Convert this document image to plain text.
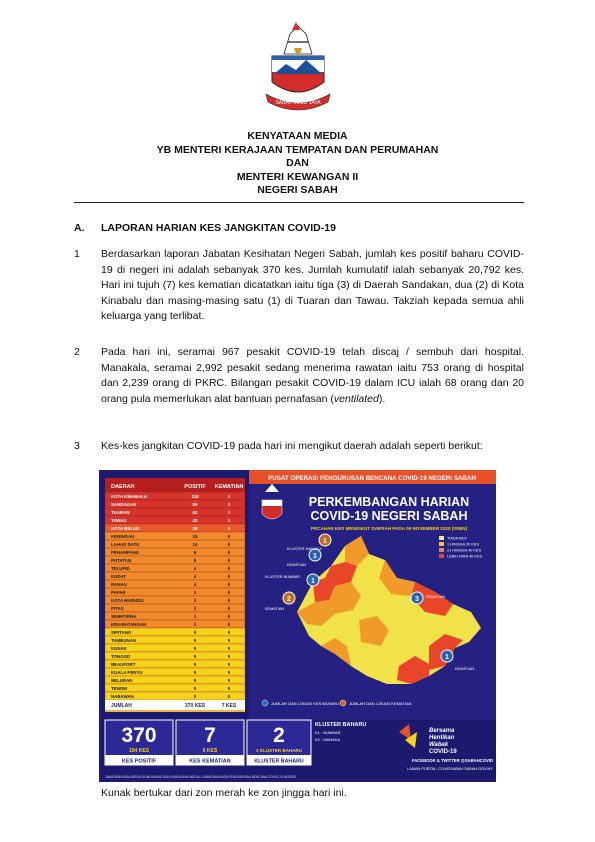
SABAH MAJU JAYA
KENYATAAN MEDIA
YB MENTERI KERAJAAN TEMPATAN DAN PERUMAHAN
DAN
MENTERI KEWANGAN II
NEGERI SABAH
A. LAPORAN HARIAN KES JANGKITAN COVID-19
1 Berdasarkan laporan Jabatan Kesihatan Negeri Sabah, jumlah kes positif baharu COVID-19 di negeri ini adalah sebanyak 370 kes. Jumlah kumulatif ialah sebanyak 20,792 kes. Hari ini tujuh (7) kes kematian dicatatkan iaitu tiga (3) di Daerah Sandakan, dua (2) di Kota Kinabalu dan masing-masing satu (1) di Tuaran dan Tawau. Takziah kepada semua ahli keluarga yang terlibat.
2 Pada hari ini, seramai 967 pesakit COVID-19 telah discaj / sembuh dari hospital. Manakala, seramai 2,992 pesakit sedang menerima rawatan iaitu 753 orang di hospital dan 2,239 orang di PKRC. Bilangan pesakit COVID-19 dalam ICU ialah 68 orang dan 20 orang pula memerlukan alat bantuan pernafasan (ventilated).
3 Kes-kes jangkitan COVID-19 pada hari ini mengikut daerah adalah seperti berikut:
PUSAT OPERASI PENGURUSAN BENCANA COVID-19 NEGERI SABAH
DAERAH	POSITIF KEMATIAN
KOTA KINABALU	118	2
SANDAKAN	59	3
TUARAN	52	1
TAWAU	42	1
KOTA BELUD	26	0
KENINGAU	19	0
LAHAD DATU	15	0
PENAMPANG	8	0
PUTATAN	8	0
TELUPID	4	0
KUDAT	4	0
RANAU	4	0
PAPAR	3	0
KOTA MARUDU	3	0
PITAS	3	0
SEMPORNA	1	0
KINABATANGAN	1	0
SIPITANG	0	0
TAMBUNAN	0	0
KUNAK	0	0
TONGOD	0	0
BEAUFORT	0	0
KUALA PENYU	0	0
BELURAN	0	0
TENOM	0	0
NABAWAN	0	0
JUMLAH	370 KES	7 KES
PERKEMBANGAN HARIAN
COVID-19 NEGERI SABAH
PECAHAN KES MENGIKUT DAERAH PADA 09 NOVEMBER 2020 (ISNIN)
TIADA KES
1 HINGGA 20 KES
21 HINGGA 40 KES
LEBIH DARI 40 KES
1
KLUSTER MANAKA
1
KLUSTER NUMBAR
1
KEMATIAN
2
KEMATIAN
3 KEMATIAN
1
KEMATIAN
JUMLAH DAN LOKASI KES BAHARU JUMLAH DAN LOKASI KEMATIAN
370
154 KES
KES POSITIF
7
6 KES
KES KEMATIAN
2
2 KLUSTER BAHARU
KLUSTER BAHARU
KLUSTER BAHARU
K1 : NUMBAR
K2 : MANAKA
Bersama
Hentikan
Wabak
COVID-19
FACEBOOK & TWITTER @SABAHCOVID
LAMAN PORTAL: COVIDSABAH.SABAH.GOV.MY
JAWATANKUASA KERJA KOMUNIKASI DAN HUBUNGAN MEDIA • JAWATANKUASA PENGURUSAN BENCANA COVID-19 NEGERI
Kunak bertukar dari zon merah ke zon jingga hari ini.
